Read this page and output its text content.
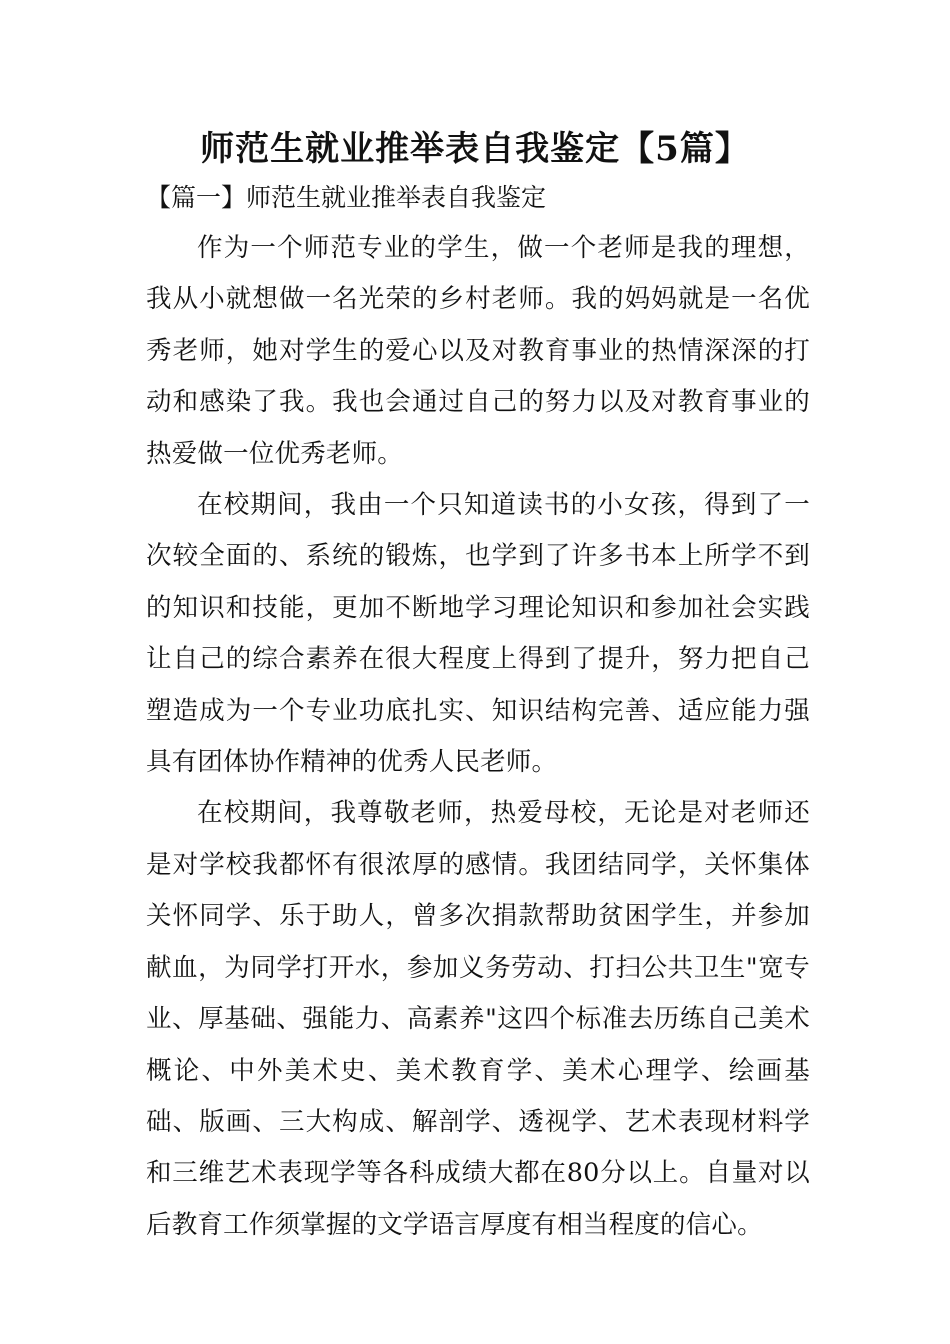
师范生就业推举表自我鉴定【5篇】
【篇一】师范生就业推举表自我鉴定

作为一个师范专业的学生，做一个老师是我的理想，我从小就想做一名光荣的乡村老师。我的妈妈就是一名优秀老师，她对学生的爱心以及对教育事业的热情深深的打动和感染了我。我也会通过自己的努力以及对教育事业的热爱做一位优秀老师。

在校期间，我由一个只知道读书的小女孩，得到了一次较全面的、系统的锻炼，也学到了许多书本上所学不到的知识和技能，更加不断地学习理论知识和参加社会实践让自己的综合素养在很大程度上得到了提升，努力把自己塑造成为一个专业功底扎实、知识结构完善、适应能力强具有团体协作精神的优秀人民老师。

在校期间，我尊敬老师，热爱母校，无论是对老师还是对学校我都怀有很浓厚的感情。我团结同学，关怀集体关怀同学、乐于助人，曾多次捐款帮助贫困学生，并参加献血，为同学打开水，参加义务劳动、打扫公共卫生"宽专业、厚基础、强能力、高素养"这四个标准去历练自己美术概论、中外美术史、美术教育学、美术心理学、绘画基础、版画、三大构成、解剖学、透视学、艺术表现材料学和三维艺术表现学等各科成绩大都在80分以上。自量对以后教育工作须掌握的文学语言厚度有相当程度的信心。
